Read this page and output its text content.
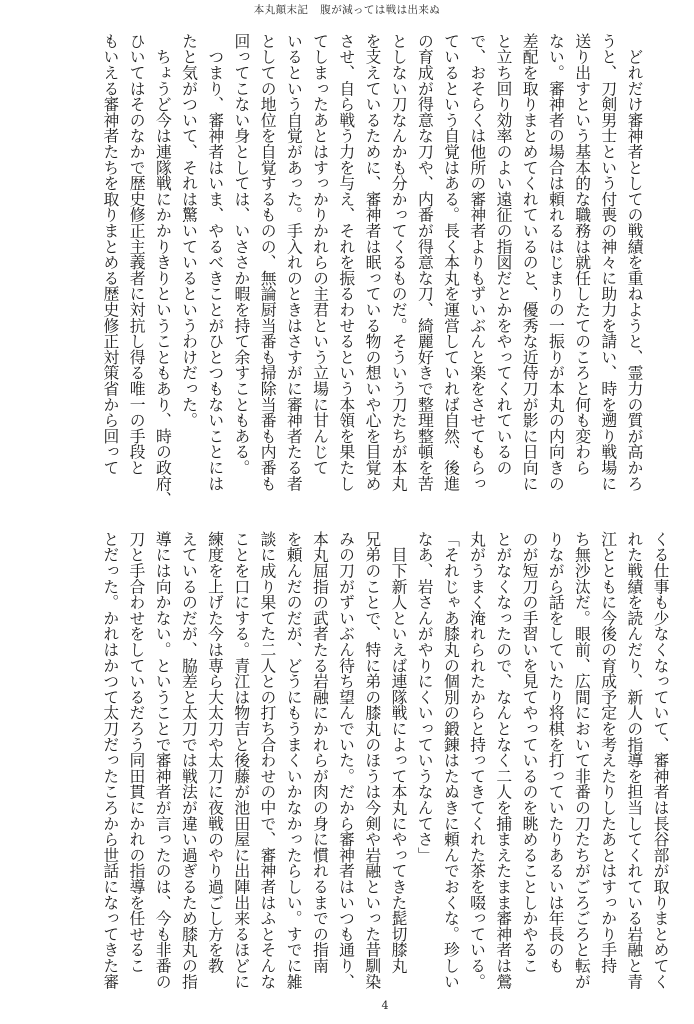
本丸顛末記 腹が減っては戦は出来ぬ
　どれだけ審神者としての戦績を重ねようと、霊力の質が高かろ
うと、刀剣男士という付喪の神々に助力を請い、時を遡り戦場に
送り出すという基本的な職務は就任したてのころと何も変わら
ない。審神者の場合は頼れるはじまりの一振りが本丸の内向きの
差配を取りまとめてくれているのと、優秀な近侍刀が影に日向に
と立ち回り効率のよい遠征の指図だとかをやってくれているの
で、おそらくは他所の審神者よりもずいぶんと楽をさせてもらっ
ているという自覚はある。長く本丸を運営していれば自然、後進
の育成が得意な刀や、内番が得意な刀、綺麗好きで整理整頓を苦
としない刀なんかも分かってくるものだ。そういう刀たちが本丸
を支えているために、審神者は眠っている物の想いや心を目覚め
させ、自ら戦う力を与え、それを振るわせるという本領を果たし
てしまったあとはすっかりかれらの主君という立場に甘んじて
いるという自覚があった。手入れのときはさすがに審神者たる者
としての地位を自覚するものの、無論厨当番も掃除当番も内番も
回ってこない身としては、いささか暇を持て余すこともある。
　つまり、審神者はいま、やるべきことがひとつもないことには
たと気がついて、それは驚いているというわけだった。
　ちょうど今は連隊戦にかかりきりということもあり、時の政府、
ひいてはそのなかで歴史修正主義者に対抗し得る唯一の手段と
もいえる審神者たちを取りまとめる歴史修正対策省から回って
くる仕事も少なくなっていて、審神者は長谷部が取りまとめてく
れた戦績を読んだり、新人の指導を担当してくれている岩融と青
江とともに今後の育成予定を考えたりしたあとはすっかり手持
ち無沙汰だ。眼前、広間において非番の刀たちがごろごろと転が
りながら話をしていたり将棋を打っていたりあるいは年長のも
のが短刀の手習いを見てやっているのを眺めることしかやるこ
とがなくなったので、なんとなく二人を捕まえたまま審神者は鶯
丸がうまく淹れられたからと持ってきてくれた茶を啜っている。
「それじゃあ膝丸の個別の鍛錬はたぬきに頼んでおくな。珍しい
なあ、岩さんがやりにくいっていうなんてさ」
　目下新人といえば連隊戦によって本丸にやってきた髭切膝丸
兄弟のことで、特に弟の膝丸のほうは今剣や岩融といった昔馴染
みの刀がずいぶん待ち望んでいた。だから審神者はいつも通り、
本丸屈指の武者たる岩融にかれらが肉の身に慣れるまでの指南
を頼んだのだが、どうにもうまくいかなかったらしい。すでに雑
談に成り果てた二人との打ち合わせの中で、審神者はふとそんな
ことを口にする。青江は物吉と後藤が池田屋に出陣出来るほどに
練度を上げた今は専ら大太刀や太刀に夜戦のやり過ごし方を教
えているのだが、脇差と太刀では戦法が違い過ぎるため膝丸の指
導には向かない。ということで審神者が言ったのは、今も非番の
刀と手合わせをしているだろう同田貫にかれの指導を任せるこ
とだった。かれはかつて太刀だったころから世話になってきた審
4
